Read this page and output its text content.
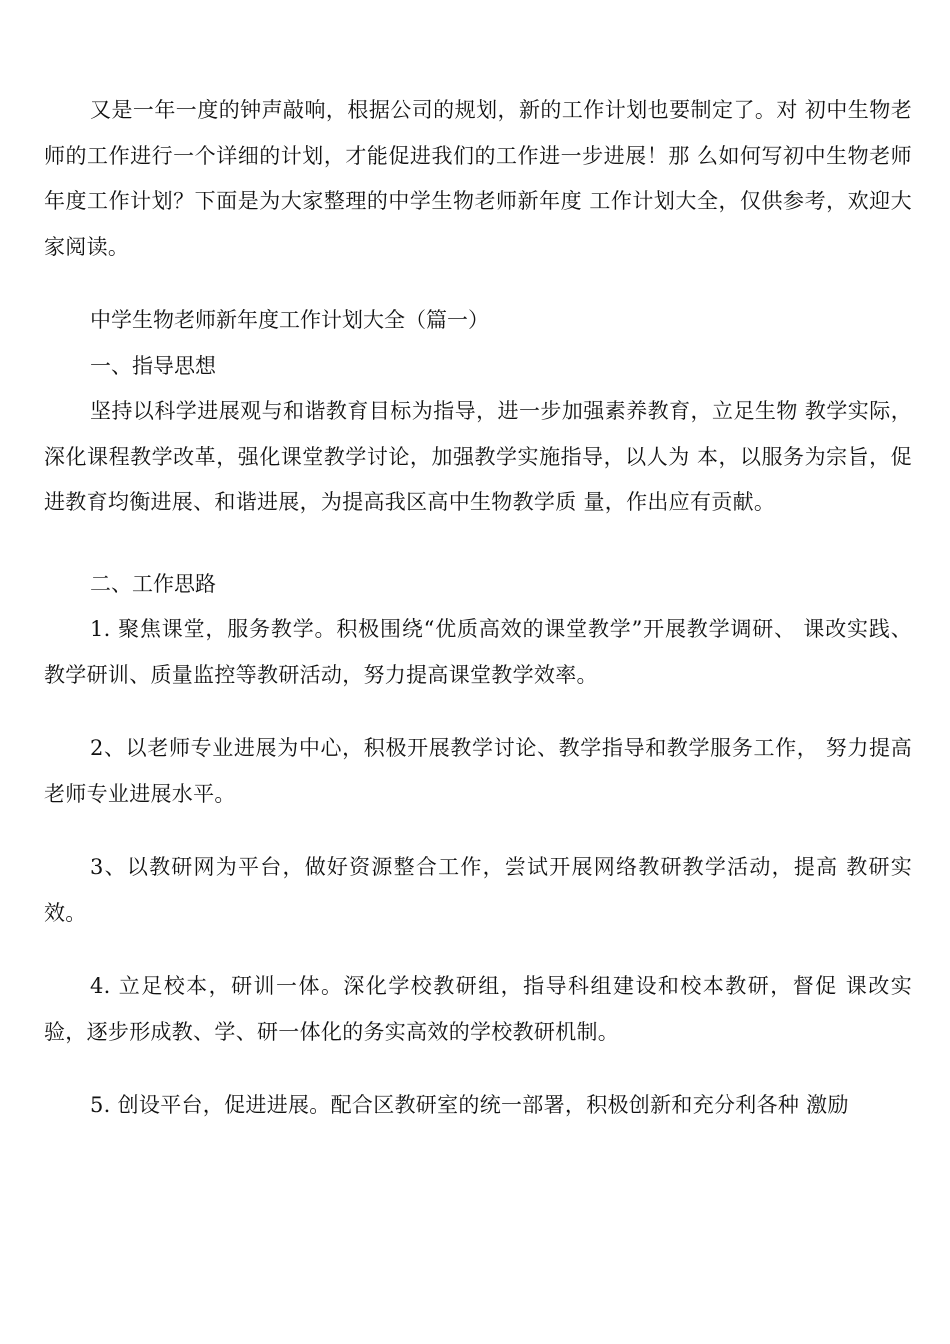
又是一年一度的钟声敲响，根据公司的规划，新的工作计划也要制定了。对 初中生物老师的工作进行一个详细的计划，才能促进我们的工作进一步进展！那 么如何写初中生物老师年度工作计划？下面是为大家整理的中学生物老师新年度 工作计划大全，仅供参考，欢迎大家阅读。

中学生物老师新年度工作计划大全（篇一）

一、指导思想

坚持以科学进展观与和谐教育目标为指导，进一步加强素养教育，立足生物 教学实际，深化课程教学改革，强化课堂教学讨论，加强教学实施指导，以人为 本，以服务为宗旨，促进教育均衡进展、和谐进展，为提高我区高中生物教学质 量，作出应有贡献。

二、工作思路

1. 聚焦课堂，服务教学。积极围绕“优质高效的课堂教学”开展教学调研、 课改实践、教学研训、质量监控等教研活动，努力提高课堂教学效率。

2、以老师专业进展为中心，积极开展教学讨论、教学指导和教学服务工作， 努力提高老师专业进展水平。

3、以教研网为平台，做好资源整合工作，尝试开展网络教研教学活动，提高 教研实效。

4. 立足校本，研训一体。深化学校教研组，指导科组建设和校本教研，督促 课改实验，逐步形成教、学、研一体化的务实高效的学校教研机制。

5. 创设平台，促进进展。配合区教研室的统一部署，积极创新和充分利各种 激励
